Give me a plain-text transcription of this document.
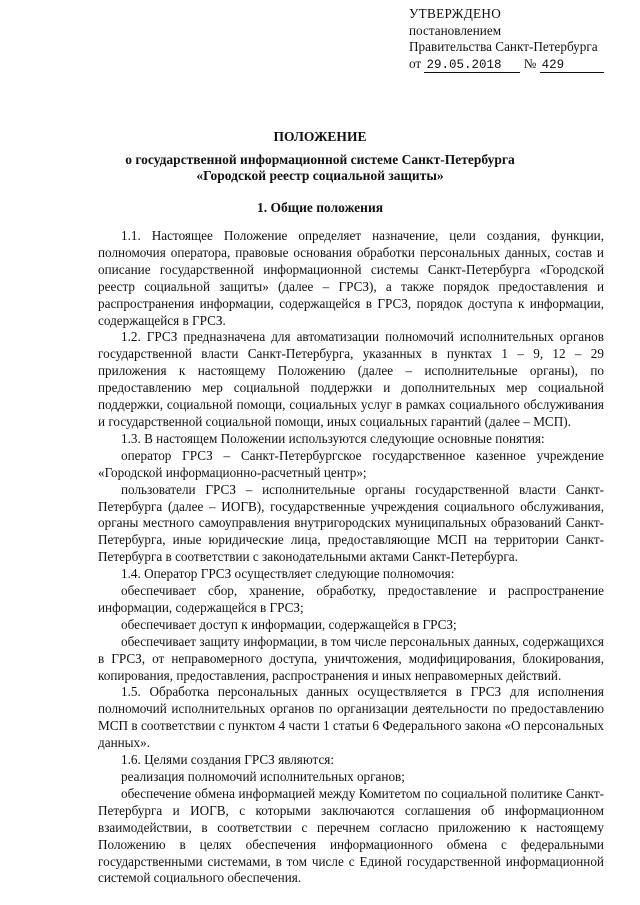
УТВЕРЖДЕНО
постановлением
Правительства Санкт-Петербурга
от 29.05.2018 № 429
ПОЛОЖЕНИЕ
о государственной информационной системе Санкт-Петербурга
«Городской реестр социальной защиты»
1. Общие положения

1.1. Настоящее Положение определяет назначение, цели создания, функции, полномочия оператора, правовые основания обработки персональных данных, состав и описание государственной информационной системы Санкт-Петербурга «Городской реестр социальной защиты» (далее – ГРСЗ), а также порядок предоставления и распространения информации, содержащейся в ГРСЗ, порядок доступа к информации, содержащейся в ГРСЗ.

1.2. ГРСЗ предназначена для автоматизации полномочий исполнительных органов государственной власти Санкт-Петербурга, указанных в пунктах 1 – 9, 12 – 29 приложения к настоящему Положению (далее – исполнительные органы), по предоставлению мер социальной поддержки и дополнительных мер социальной поддержки, социальной помощи, социальных услуг в рамках социального обслуживания и государственной социальной помощи, иных социальных гарантий (далее – МСП).

1.3. В настоящем Положении используются следующие основные понятия:

оператор ГРСЗ – Санкт-Петербургское государственное казенное учреждение «Городской информационно-расчетный центр»;

пользователи ГРСЗ – исполнительные органы государственной власти Санкт-Петербурга (далее – ИОГВ), государственные учреждения социального обслуживания, органы местного самоуправления внутригородских муниципальных образований Санкт-Петербурга, иные юридические лица, предоставляющие МСП на территории Санкт-Петербурга в соответствии с законодательными актами Санкт-Петербурга.

1.4. Оператор ГРСЗ осуществляет следующие полномочия:

обеспечивает сбор, хранение, обработку, предоставление и распространение информации, содержащейся в ГРСЗ;

обеспечивает доступ к информации, содержащейся в ГРСЗ;

обеспечивает защиту информации, в том числе персональных данных, содержащихся в ГРСЗ, от неправомерного доступа, уничтожения, модифицирования, блокирования, копирования, предоставления, распространения и иных неправомерных действий.

1.5. Обработка персональных данных осуществляется в ГРСЗ для исполнения полномочий исполнительных органов по организации деятельности по предоставлению МСП в соответствии с пунктом 4 части 1 статьи 6 Федерального закона «О персональных данных».

1.6. Целями создания ГРСЗ являются:

реализация полномочий исполнительных органов;

обеспечение обмена информацией между Комитетом по социальной политике Санкт-Петербурга и ИОГВ, с которыми заключаются соглашения об информационном взаимодействии, в соответствии с перечнем согласно приложению к настоящему Положению в целях обеспечения информационного обмена с федеральными государственными системами, в том числе с Единой государственной информационной системой социального обеспечения.
